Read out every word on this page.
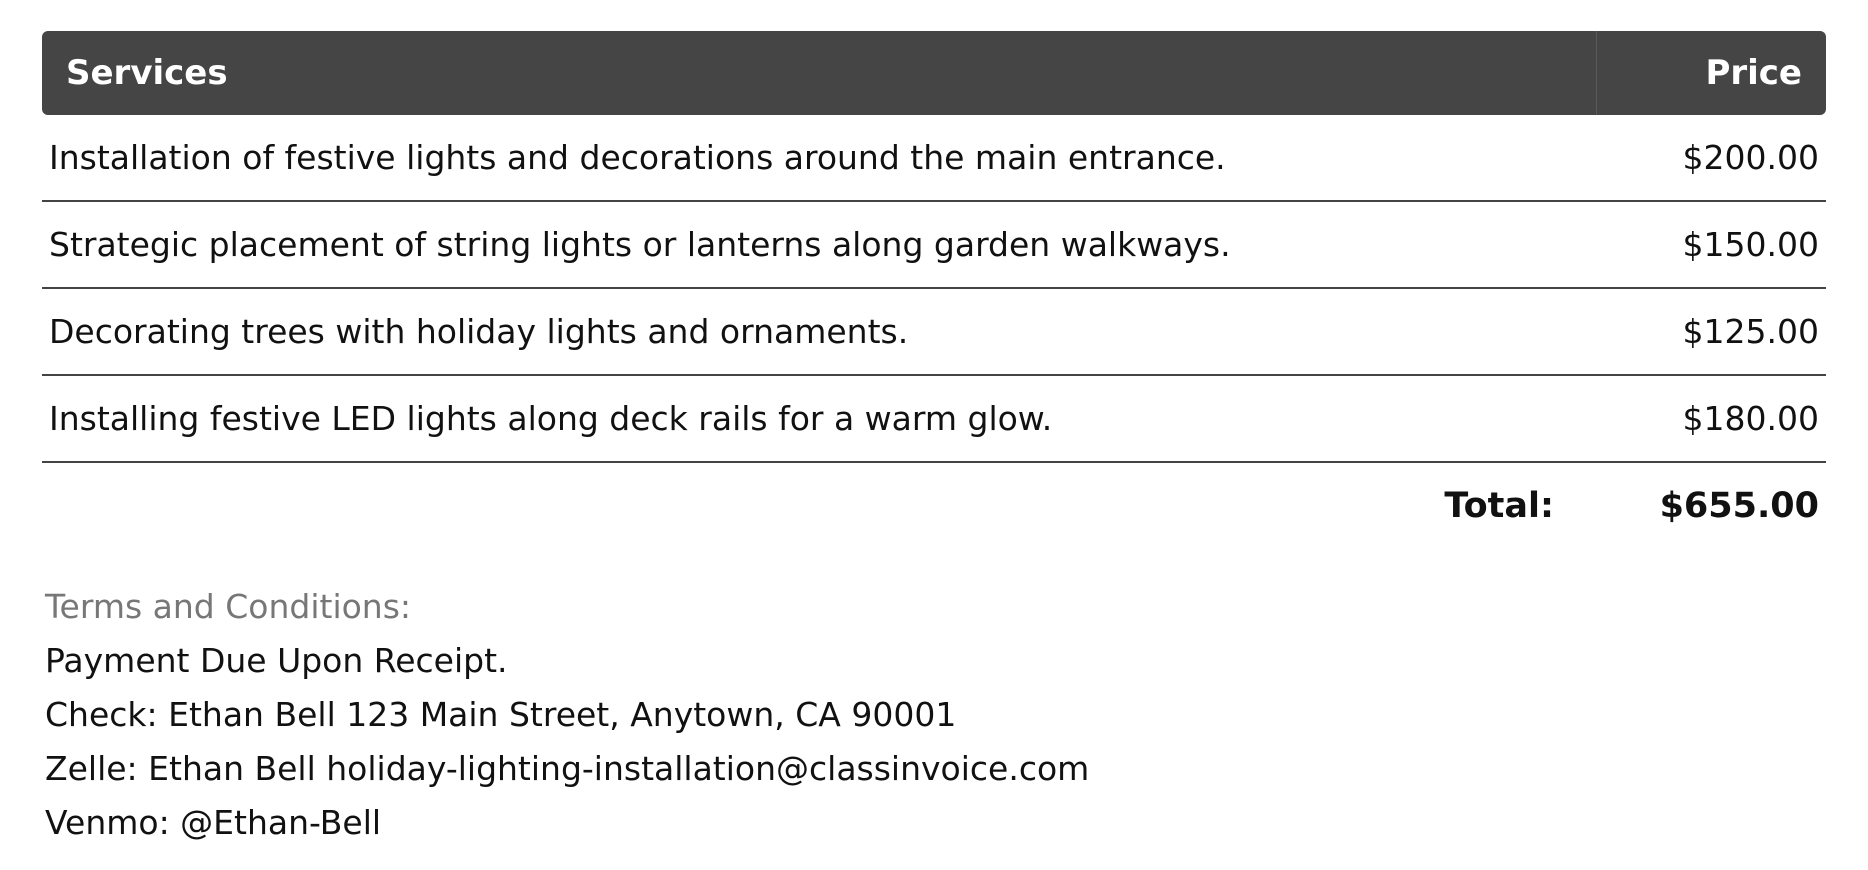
Services	Price
Installation of festive lights and decorations around the main entrance.	$200.00
Strategic placement of string lights or lanterns along garden walkways.	$150.00
Decorating trees with holiday lights and ornaments.	$125.00
Installing festive LED lights along deck rails for a warm glow.	$180.00
Total:	$655.00
Terms and Conditions:
Payment Due Upon Receipt.
Check: Ethan Bell 123 Main Street, Anytown, CA 90001
Zelle: Ethan Bell holiday-lighting-installation@classinvoice.com
Venmo: @Ethan-Bell
